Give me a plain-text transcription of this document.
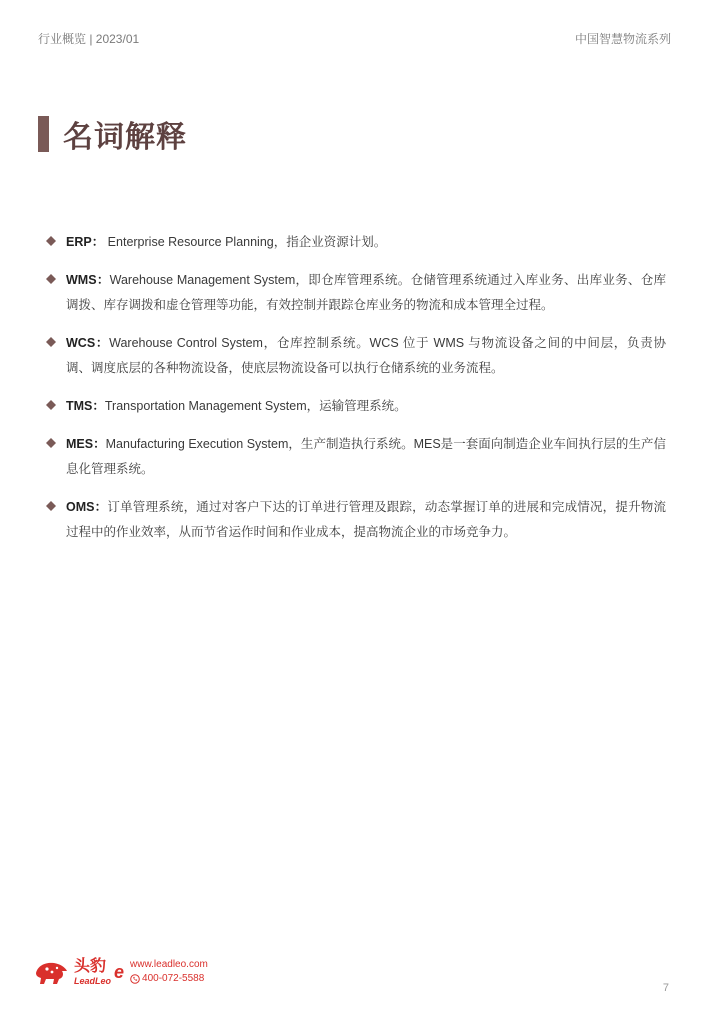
行业概览 | 2023/01	中国智慧物流系列
名词解释
ERP： Enterprise Resource Planning，指企业资源计划。
WMS：Warehouse Management System，即仓库管理系统。仓储管理系统通过入库业务、出库业务、仓库调拨、库存调拨和虚仓管理等功能，有效控制并跟踪仓库业务的物流和成本管理全过程。
WCS：Warehouse Control System，仓库控制系统。WCS 位于 WMS 与物流设备之间的中间层，负责协调、调度底层的各种物流设备，使底层物流设备可以执行仓储系统的业务流程。
TMS：Transportation Management System，运输管理系统。
MES：Manufacturing Execution System，生产制造执行系统。MES是一套面向制造企业车间执行层的生产信息化管理系统。
OMS：订单管理系统，通过对客户下达的订单进行管理及跟踪，动态掌握订单的进展和完成情况，提升物流过程中的作业效率，从而节省运作时间和作业成本，提高物流企业的市场竞争力。
头豹
LeadLeo e www.leadleo.com
400-072-5588
7
